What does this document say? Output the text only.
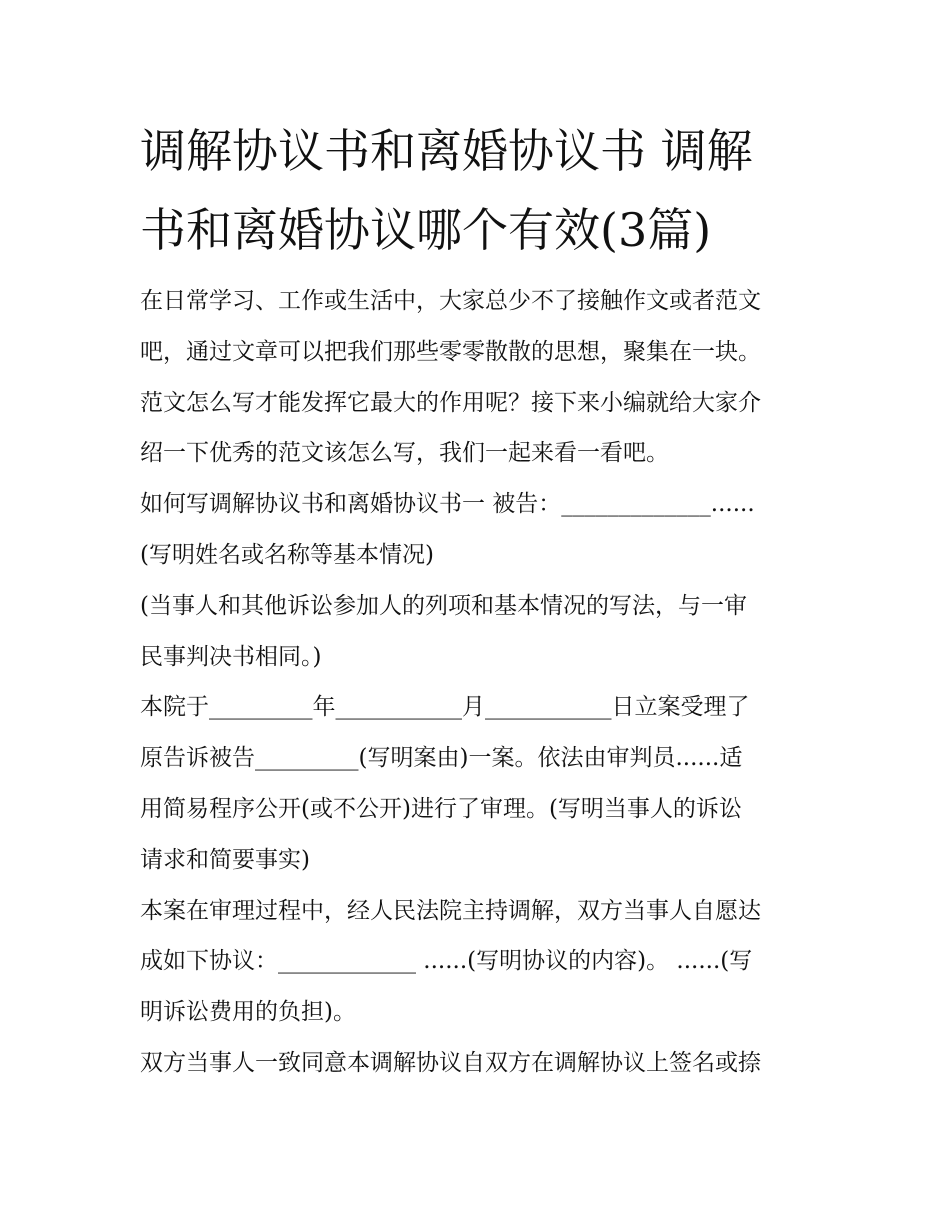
调解协议书和离婚协议书 调解
书和离婚协议哪个有效(3篇)
在日常学习、工作或生活中，大家总少不了接触作文或者范文
吧，通过文章可以把我们那些零零散散的思想，聚集在一块。
范文怎么写才能发挥它最大的作用呢？接下来小编就给大家介
绍一下优秀的范文该怎么写，我们一起来看一看吧。
如何写调解协议书和离婚协议书一 被告：_____________......
(写明姓名或名称等基本情况)
(当事人和其他诉讼参加人的列项和基本情况的写法，与一审
民事判决书相同。)
本院于_________年___________月___________日立案受理了
原告诉被告_________(写明案由)一案。依法由审判员......适
用简易程序公开(或不公开)进行了审理。(写明当事人的诉讼
请求和简要事实)
本案在审理过程中，经人民法院主持调解，双方当事人自愿达
成如下协议：____________ ......(写明协议的内容)。 ......(写
明诉讼费用的负担)。
双方当事人一致同意本调解协议自双方在调解协议上签名或捺
